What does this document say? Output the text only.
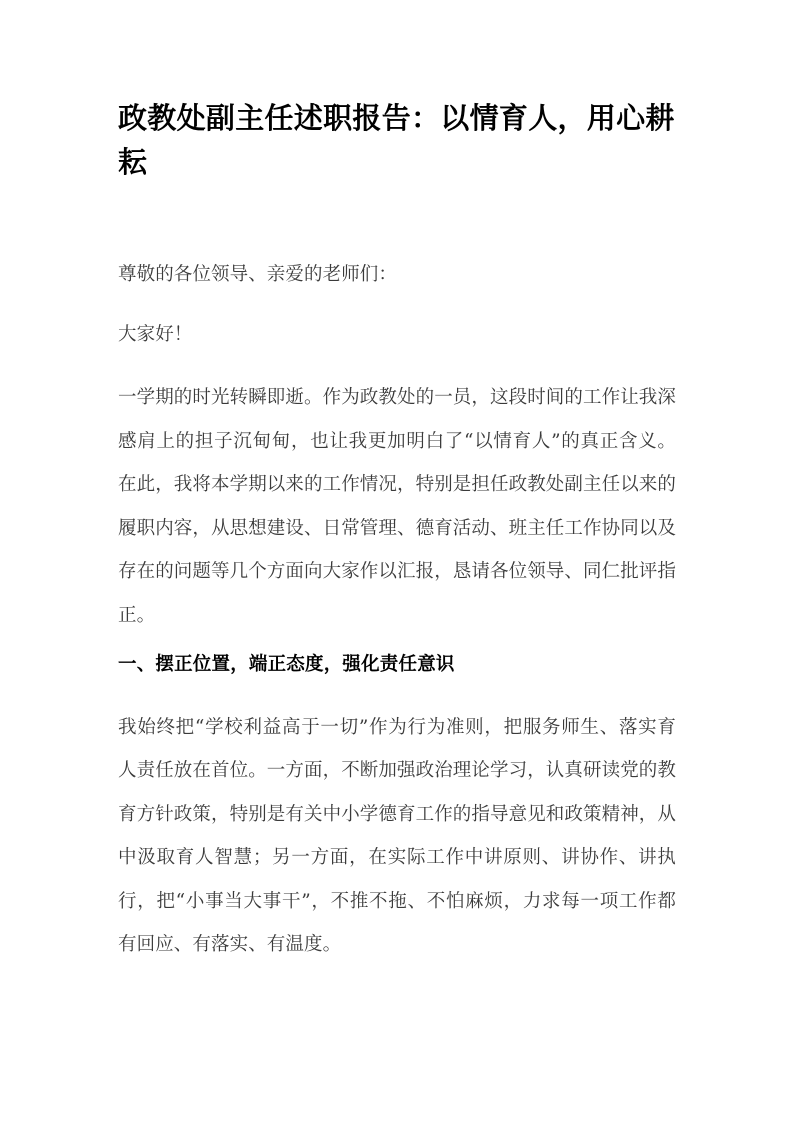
政教处副主任述职报告：以情育人，用心耕耘

尊敬的各位领导、亲爱的老师们：

大家好！

一学期的时光转瞬即逝。作为政教处的一员，这段时间的工作让我深感肩上的担子沉甸甸，也让我更加明白了“以情育人”的真正含义。在此，我将本学期以来的工作情况，特别是担任政教处副主任以来的履职内容，从思想建设、日常管理、德育活动、班主任工作协同以及存在的问题等几个方面向大家作以汇报，恳请各位领导、同仁批评指正。

一、摆正位置，端正态度，强化责任意识

我始终把“学校利益高于一切”作为行为准则，把服务师生、落实育人责任放在首位。一方面，不断加强政治理论学习，认真研读党的教育方针政策，特别是有关中小学德育工作的指导意见和政策精神，从中汲取育人智慧；另一方面，在实际工作中讲原则、讲协作、讲执行，把“小事当大事干”，不推不拖、不怕麻烦，力求每一项工作都有回应、有落实、有温度。
